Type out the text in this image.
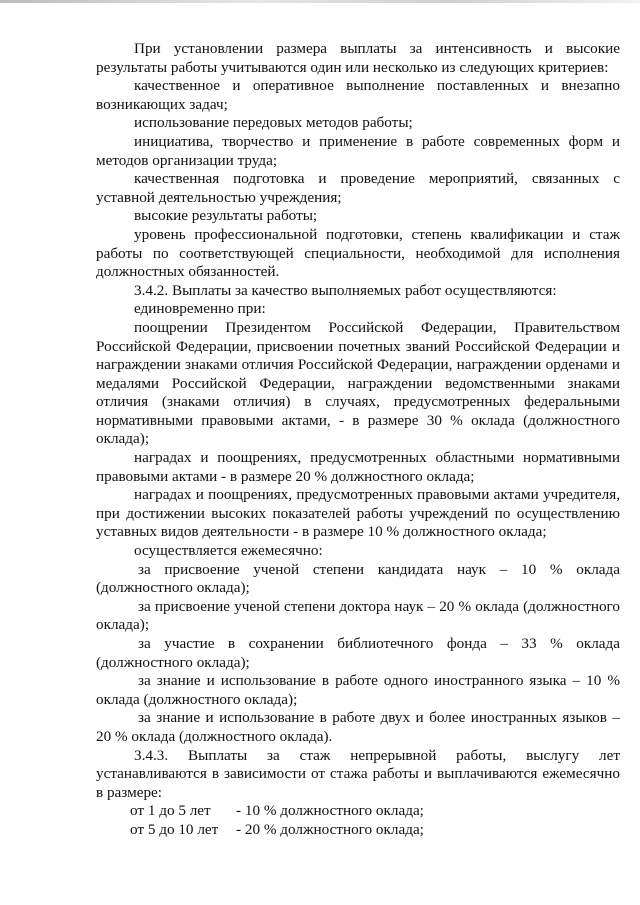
При установлении размера выплаты за интенсивность и высокие результаты работы учитываются один или несколько из следующих критериев:

качественное и оперативное выполнение поставленных и внезапно возникающих задач;

использование передовых методов работы;

инициатива, творчество и применение в работе современных форм и методов организации труда;

качественная подготовка и проведение мероприятий, связанных с уставной деятельностью учреждения;

высокие результаты работы;

уровень профессиональной подготовки, степень квалификации и стаж работы по соответствующей специальности, необходимой для исполнения должностных обязанностей.

3.4.2. Выплаты за качество выполняемых работ осуществляются:

единовременно при:

поощрении Президентом Российской Федерации, Правительством Российской Федерации, присвоении почетных званий Российской Федерации и награждении знаками отличия Российской Федерации, награждении орденами и медалями Российской Федерации, награждении ведомственными знаками отличия (знаками отличия) в случаях, предусмотренных федеральными нормативными правовыми актами, - в размере 30 % оклада (должностного оклада);

наградах и поощрениях, предусмотренных областными нормативными правовыми актами - в размере 20 % должностного оклада;

наградах и поощрениях, предусмотренных правовыми актами учредителя, при достижении высоких показателей работы учреждений по осуществлению уставных видов деятельности - в размере 10 % должностного оклада;

осуществляется ежемесячно:

за присвоение ученой степени кандидата наук – 10 % оклада (должностного оклада);

за присвоение ученой степени доктора наук – 20 % оклада (должностного оклада);

за участие в сохранении библиотечного фонда – 33 % оклада (должностного оклада);

за знание и использование в работе одного иностранного языка – 10 % оклада (должностного оклада);

за знание и использование в работе двух и более иностранных языков – 20 % оклада (должностного оклада).

3.4.3. Выплаты за стаж непрерывной работы, выслугу лет устанавливаются в зависимости от стажа работы и выплачиваются ежемесячно в размере:

от 1 до 5 лет	- 10 % должностного оклада;
от 5 до 10 лет	- 20 % должностного оклада;
